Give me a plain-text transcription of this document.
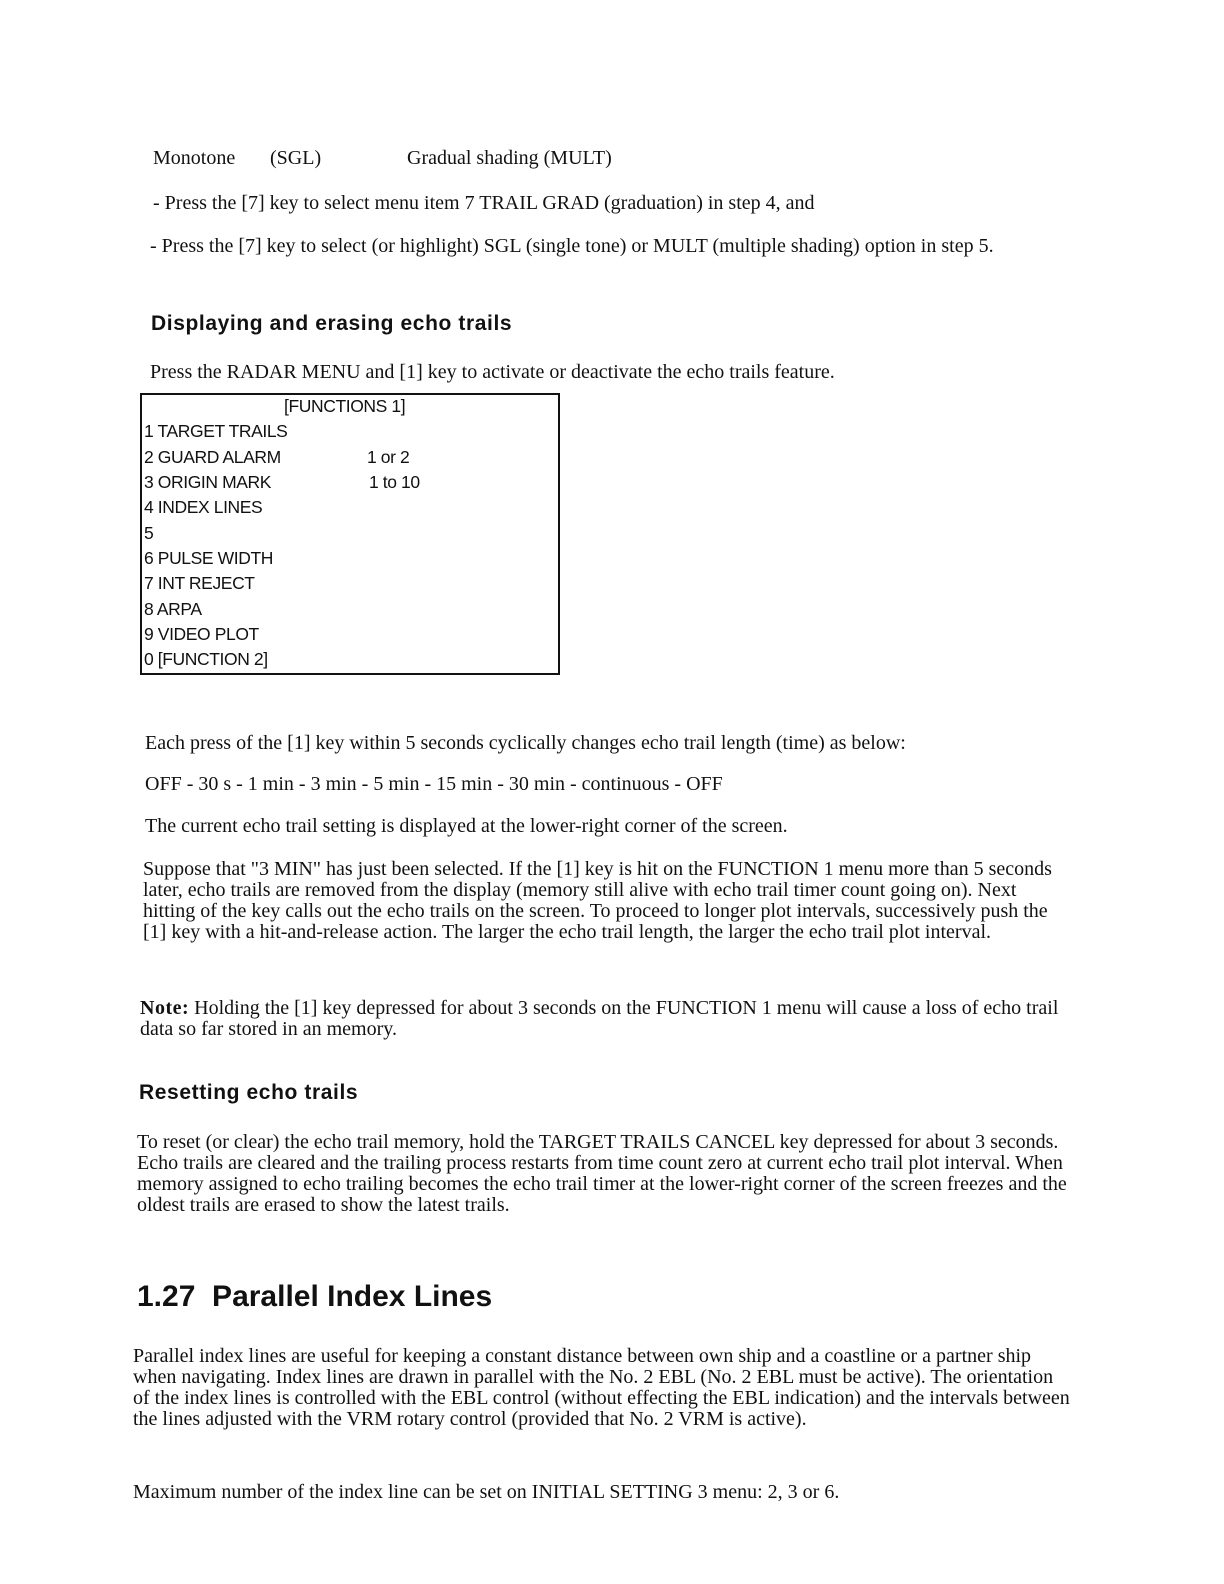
Monotone (SGL)	Gradual shading (MULT)

- Press the [7] key to select menu item 7 TRAIL GRAD (graduation) in step 4, and

- Press the [7] key to select (or highlight) SGL (single tone) or MULT (multiple shading) option in step 5.

Displaying and erasing echo trails

Press the RADAR MENU and [1] key to activate or deactivate the echo trails feature.

[FUNCTIONS 1]
1 TARGET TRAILS
2 GUARD ALARM	1 or 2
3 ORIGIN MARK	1 to 10
4 INDEX LINES
5
6 PULSE WIDTH
7 INT REJECT
8 ARPA
9 VIDEO PLOT
0 [FUNCTION 2]

Each press of the [1] key within 5 seconds cyclically changes echo trail length (time) as below:

OFF - 30 s - 1 min - 3 min - 5 min - 15 min - 30 min - continuous - OFF

The current echo trail setting is displayed at the lower-right corner of the screen.

Suppose that "3 MIN" has just been selected. If the [1] key is hit on the FUNCTION 1 menu more than 5 seconds later, echo trails are removed from the display (memory still alive with echo trail timer count going on). Next hitting of the key calls out the echo trails on the screen. To proceed to longer plot intervals, successively push the [1] key with a hit-and-release action. The larger the echo trail length, the larger the echo trail plot interval.

Note: Holding the [1] key depressed for about 3 seconds on the FUNCTION 1 menu will cause a loss of echo trail data so far stored in an memory.

Resetting echo trails

To reset (or clear) the echo trail memory, hold the TARGET TRAILS CANCEL key depressed for about 3 seconds. Echo trails are cleared and the trailing process restarts from time count zero at current echo trail plot interval. When memory assigned to echo trailing becomes the echo trail timer at the lower-right corner of the screen freezes and the oldest trails are erased to show the latest trails.

1.27  Parallel Index Lines

Parallel index lines are useful for keeping a constant distance between own ship and a coastline or a partner ship when navigating. Index lines are drawn in parallel with the No. 2 EBL (No. 2 EBL must be active). The orientation of the index lines is controlled with the EBL control (without effecting the EBL indication) and the intervals between the lines adjusted with the VRM rotary control (provided that No. 2 VRM is active).

Maximum number of the index line can be set on INITIAL SETTING 3 menu: 2, 3 or 6.
